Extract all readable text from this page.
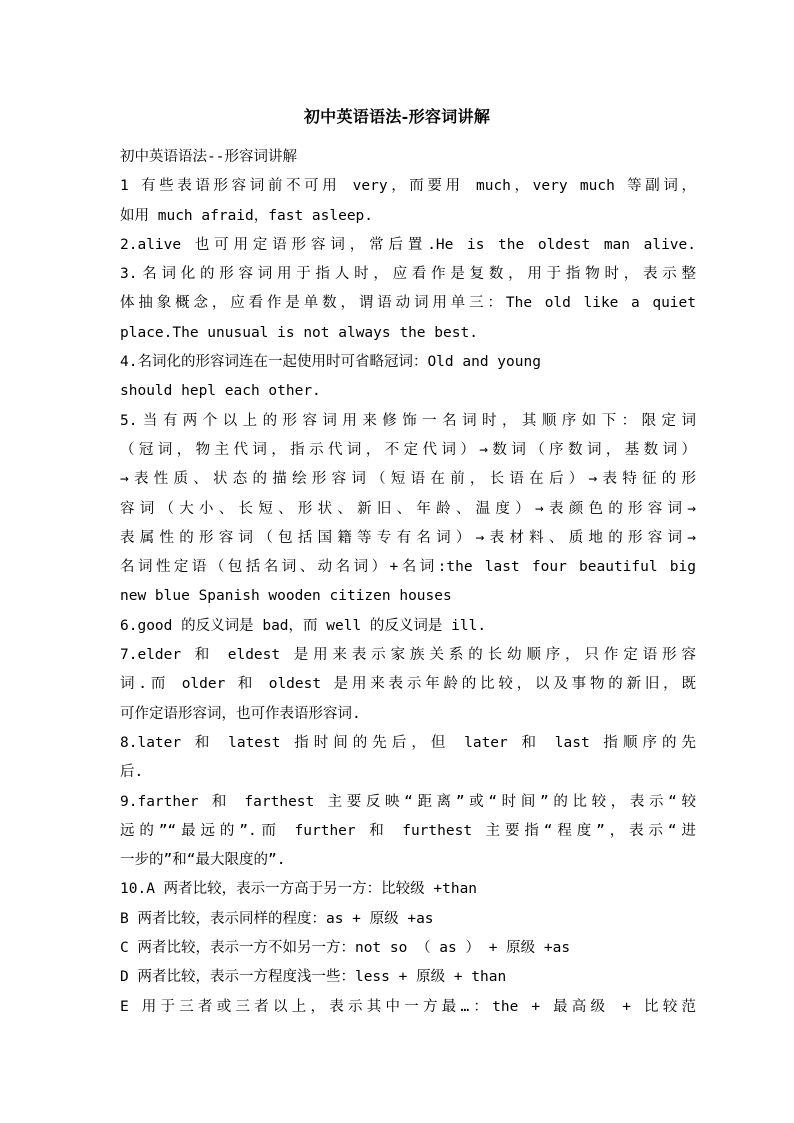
初中英语语法-形容词讲解
初中英语语法--形容词讲解
1 有些表语形容词前不可用 very，而要用 much，very much 等副词，
如用 much afraid，fast asleep.
2.alive 也可用定语形容词，常后置.He is the oldest man alive.
3.名词化的形容词用于指人时，应看作是复数，用于指物时，表示整
体抽象概念，应看作是单数，谓语动词用单三：The old like a quiet
place.The unusual is not always the best.
4.名词化的形容词连在一起使用时可省略冠词：Old and young
should hepl each other.
5.当有两个以上的形容词用来修饰一名词时，其顺序如下：限定词
（冠词，物主代词，指示代词，不定代词）→数词（序数词，基数词）
→表性质、状态的描绘形容词（短语在前，长语在后）→表特征的形
容词（大小、长短、形状、新旧、年龄、温度）→表颜色的形容词→
表属性的形容词（包括国籍等专有名词）→表材料、质地的形容词→
名词性定语（包括名词、动名词）+名词:the last four beautiful big
new blue Spanish wooden citizen houses
6.good 的反义词是 bad，而 well 的反义词是 ill.
7.elder 和 eldest 是用来表示家族关系的长幼顺序，只作定语形容
词.而 older 和 oldest 是用来表示年龄的比较，以及事物的新旧，既
可作定语形容词，也可作表语形容词.
8.later 和 latest 指时间的先后，但 later 和 last 指顺序的先
后.
9.farther 和 farthest 主要反映“距离”或“时间”的比较，表示“较
远的”“最远的”.而 further 和 furthest 主要指“程度”，表示“进
一步的”和“最大限度的”.
10.A 两者比较，表示一方高于另一方：比较级 +than
B 两者比较，表示同样的程度：as + 原级 +as
C 两者比较，表示一方不如另一方：not so （ as ） + 原级 +as
D 两者比较，表示一方程度浅一些：less + 原级 + than
E 用于三者或三者以上，表示其中一方最…：the + 最高级 + 比较范
